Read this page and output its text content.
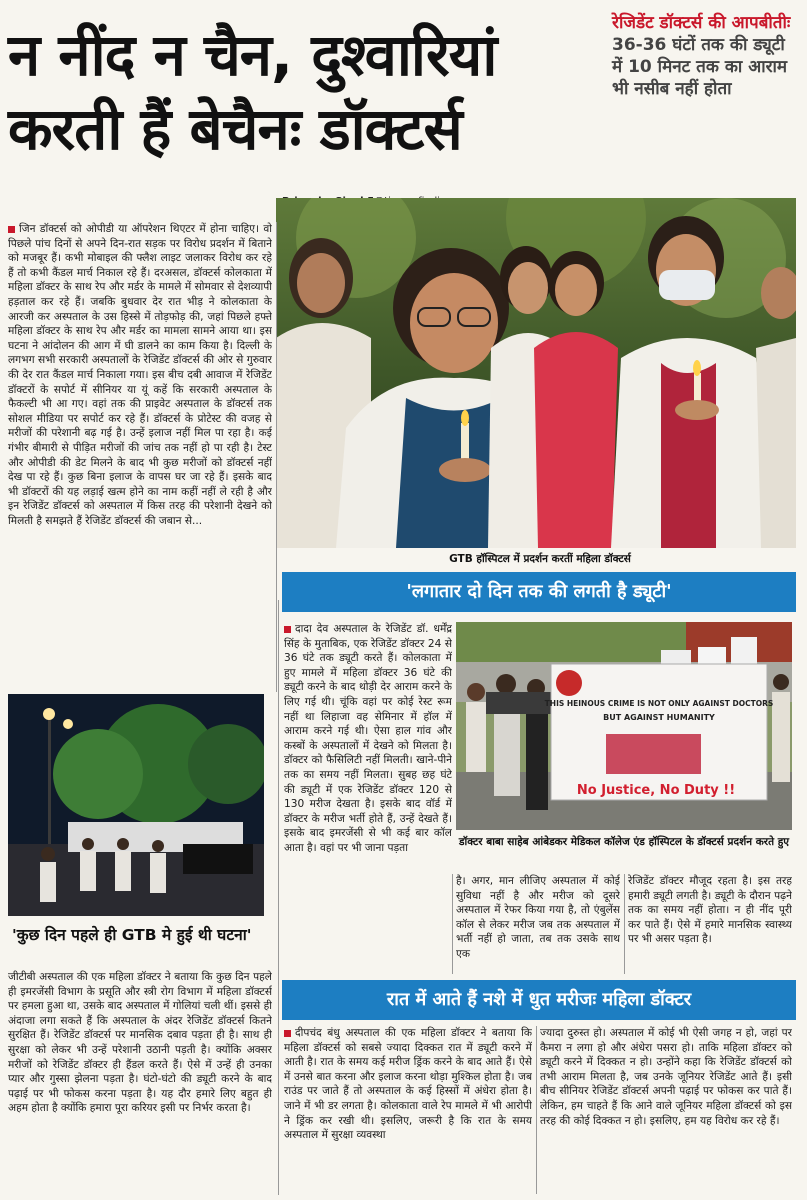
न नींद न चैन, दुश्वारियां
करती हैं बेचैनः डॉक्टर्स
रेजिडेंट डॉक्टर्स की आपबीतीः 36-36 घंटों तक की ड्यूटी में 10 मिनट तक का आराम भी नसीब नहीं होता
जिन डॉक्टर्स को ओपीडी या ऑपरेशन थिएटर में होना चाहिए। वो पिछले पांच दिनों से अपने दिन-रात सड़क पर विरोध प्रदर्शन में बिताने को मजबूर हैं। कभी मोबाइल की फ्लैश लाइट जलाकर विरोध कर रहे हैं तो कभी कैंडल मार्च निकाल रहे हैं। दरअसल, डॉक्टर्स कोलकाता में महिला डॉक्टर के साथ रेप और मर्डर के मामले में सोमवार से देशव्यापी हड़ताल कर रहे हैं। जबकि बुधवार देर रात भीड़ ने कोलकाता के आरजी कर अस्पताल के उस हिस्से में तोड़फोड़ की, जहां पिछले हफ्ते महिला डॉक्टर के साथ रेप और मर्डर का मामला सामने आया था। इस घटना ने आंदोलन की आग में घी डालने का काम किया है। दिल्ली के लगभग सभी सरकारी अस्पतालों के रेजिडेंट डॉक्टर्स की ओर से गुरुवार की देर रात कैंडल मार्च निकाला गया। इस बीच दबी आवाज में रेजिडेंट डॉक्टरों के सपोर्ट में सीनियर या यूं कहें कि सरकारी अस्पताल के फैकल्टी भी आ गए। वहां तक की प्राइवेट अस्पताल के डॉक्टर्स तक सोशल मीडिया पर सपोर्ट कर रहे हैं। डॉक्टर्स के प्रोटेस्ट की वजह से मरीजों की परेशानी बढ़ गई है। उन्हें इलाज नहीं मिल पा रहा है। कई गंभीर बीमारी से पीड़ित मरीजों की जांच तक नहीं हो पा रही है। टेस्ट और ओपीडी की डेट मिलने के बाद भी कुछ मरीजों को डॉक्टर्स नहीं देख पा रहे हैं। कुछ बिना इलाज के वापस घर जा रहे हैं। इसके बाद भी डॉक्टरों की यह लड़ाई खत्म होने का नाम कहीं नहीं ले रही है और इन रेजिडेंट डॉक्टर्स को अस्पताल में किस तरह की परेशानी देखने को मिलती है समझते हैं रेजिडेंट डॉक्टर्स की जबान से...
GTB हॉस्पिटल में प्रदर्शन करतीं महिला डॉक्टर्स
'लगातार दो दिन तक की लगती है ड्यूटी'
दादा देव अस्पताल के रेजिडेंट डॉ. धर्मेंद्र सिंह के मुताबिक, एक रेजिडेंट डॉक्टर 24 से 36 घंटे तक ड्यूटी करते हैं। कोलकाता में हुए मामले में महिला डॉक्टर 36 घंटे की ड्यूटी करने के बाद थोड़ी देर आराम करने के लिए गई थी। चूंकि वहां पर कोई रेस्ट रूम नहीं था लिहाजा वह सेमिनार में हॉल में आराम करने गई थी। ऐसा हाल गांव और कस्बों के अस्पतालों में देखने को मिलता है। डॉक्टर को फैसिलिटी नहीं मिलती। खाने-पीने तक का समय नहीं मिलता। सुबह छह घंटे की ड्यूटी में एक रेजिडेंट डॉक्टर 120 से 130 मरीज देखता है। इसके बाद वॉर्ड में डॉक्टर के मरीज भर्ती होते हैं, उन्हें देखते हैं। इसके बाद इमरजेंसी से भी कई बार कॉल आता है। वहां पर भी जाना पड़ता
THIS HEINOUS CRIME IS NOT ONLY AGAINST DOCTORS
BUT AGAINST HUMANITY
No Justice, No Duty !!
डॉक्टर बाबा साहेब आंबेडकर मेडिकल कॉलेज एंड हॉस्पिटल के डॉक्टर्स प्रदर्शन करते हुए
है। अगर, मान लीजिए अस्पताल में कोई सुविधा नहीं है और मरीज को दूसरे अस्पताल में रेफर किया गया है, तो एंबुलेंस कॉल से लेकर मरीज जब तक अस्पताल में भर्ती नहीं हो जाता, तब तक उसके साथ एक
रेजिडेंट डॉक्टर मौजूद रहता है। इस तरह हमारी ड्यूटी लगती है। ड्यूटी के दौरान पढ़ने तक का समय नहीं होता। न ही नींद पूरी कर पाते हैं। ऐसे में हमारे मानसिक स्वास्थ्य पर भी असर पड़ता है।
'कुछ दिन पहले ही GTB मे हुई थी घटना'
जीटीबी अस्पताल की एक महिला डॉक्टर ने बताया कि कुछ दिन पहले ही इमरजेंसी विभाग के प्रसूति और स्त्री रोग विभाग में महिला डॉक्टर्स पर हमला हुआ था, उसके बाद अस्पताल में गोलियां चली थीं। इससे ही अंदाजा लगा सकते हैं कि अस्पताल के अंदर रेजिडेंट डॉक्टर्स कितने सुरक्षित हैं। रेजिडेंट डॉक्टर्स पर मानसिक दबाव पड़ता ही है। साथ ही सुरक्षा को लेकर भी उन्हें परेशानी उठानी पड़ती है। क्योंकि अक्सर मरीजों को रेजिडेंट डॉक्टर ही हैंडल करते हैं। ऐसे में उन्हें ही उनका प्यार और गुस्सा झेलना पड़ता है। घंटो-घंटो की ड्यूटी करने के बाद पढ़ाई पर भी फोकस करना पड़ता है। यह दौर हमारे लिए बहुत ही अहम होता है क्योंकि हमारा पूरा करियर इसी पर निर्भर करता है।
रात में आते हैं नशे में धुत मरीजः महिला डॉक्टर
दीपचंद बंधु अस्पताल की एक महिला डॉक्टर ने बताया कि महिला डॉक्टर्स को सबसे ज्यादा दिक्कत रात में ड्यूटी करने में आती है। रात के समय कई मरीज ड्रिंक करने के बाद आते हैं। ऐसे में उनसे बात करना और इलाज करना थोड़ा मुश्किल होता है। जब राउंड पर जाते हैं तो अस्पताल के कई हिस्सों में अंधेरा होता है। जाने में भी डर लगता है। कोलकाता वाले रेप मामले में भी आरोपी ने ड्रिंक कर रखी थी। इसलिए, जरूरी है कि रात के समय अस्पताल में सुरक्षा व्यवस्था
ज्यादा दुरुस्त हो। अस्पताल में कोई भी ऐसी जगह न हो, जहां पर कैमरा न लगा हो और अंधेरा पसरा हो। ताकि महिला डॉक्टर को ड्यूटी करने में दिक्कत न हो। उन्होंने कहा कि रेजिडेंट डॉक्टर्स को तभी आराम मिलता है, जब उनके जूनियर रेजिडेंट आते हैं। इसी बीच सीनियर रेजिडेंट डॉक्टर्स अपनी पढ़ाई पर फोकस कर पाते हैं। लेकिन, हम चाहते हैं कि आने वाले जूनियर महिला डॉक्टर्स को इस तरह की कोई दिक्कत न हो। इसलिए, हम यह विरोध कर रहे हैं।
